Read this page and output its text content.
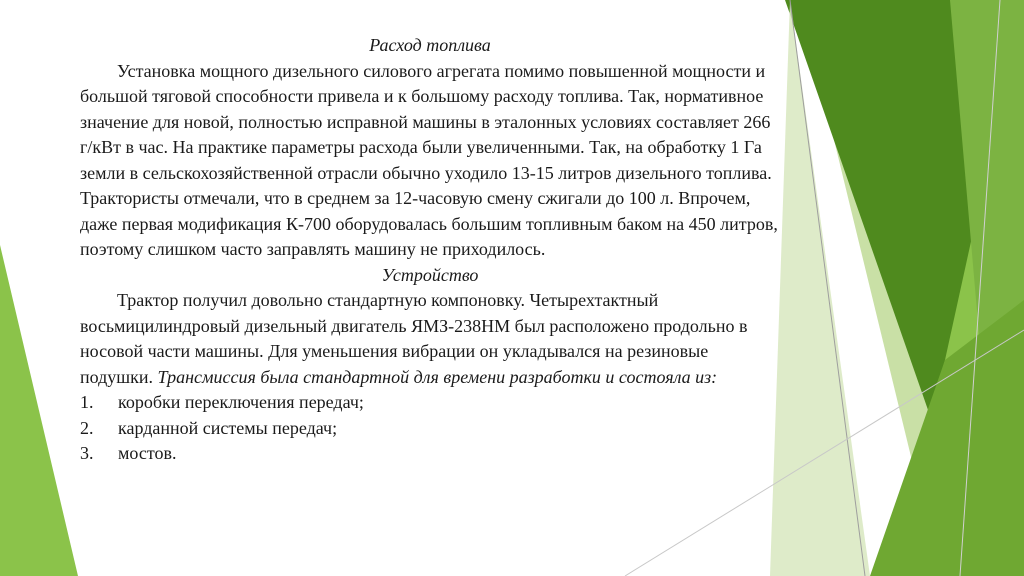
Расход топлива

Установка мощного дизельного силового агрегата помимо повышенной мощности и большой тяговой способности привела и к большому расходу топлива. Так, нормативное значение для новой, полностью исправной машины в эталонных условиях составляет 266 г/кВт в час. На практике параметры расхода были увеличенными. Так, на обработку 1 Га земли в сельскохозяйственной отрасли обычно уходило 13-15 литров дизельного топлива. Трактористы отмечали, что в среднем за 12-часовую смену сжигали до 100 л. Впрочем, даже первая модификация К-700 оборудовалась большим топливным баком на 450 литров, поэтому слишком часто заправлять машину не приходилось.

Устройство

Трактор получил довольно стандартную компоновку. Четырехтактный восьмицилиндровый дизельный двигатель ЯМЗ-238НМ был расположено продольно в носовой части машины. Для уменьшения вибрации он укладывался на резиновые подушки. Трансмиссия была стандартной для времени разработки и состояла из:

1.	коробки переключения передач;
2.	карданной системы передач;
3.	мостов.
